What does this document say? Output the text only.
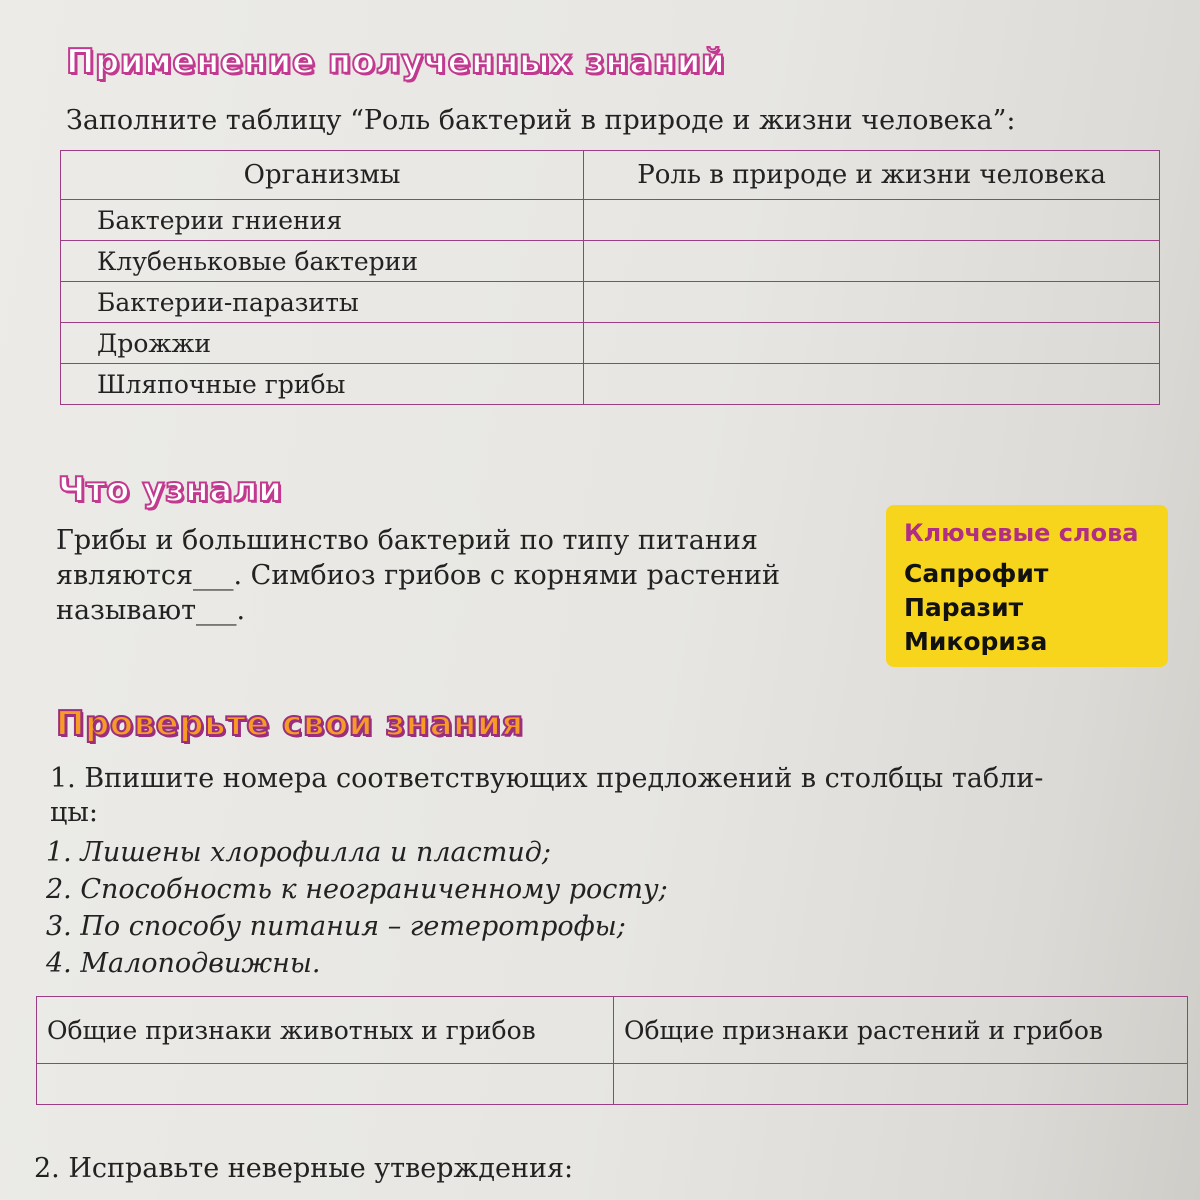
Применение полученных знаний
Заполните таблицу “Роль бактерий в природе и жизни человека”:
Организмы	Роль в природе и жизни человека
Бактерии гниения	
Клубеньковые бактерии	
Бактерии-паразиты	
Дрожжи	
Шляпочные грибы	
Что узнали
Грибы и большинство бактерий по типу питания
являются___. Симбиоз грибов с корнями растений
называют___.
Ключевые слова
Сапрофит
Паразит
Микориза
Проверьте свои знания
1. Впишите номера соответствующих предложений в столбцы табли-
цы:
1. Лишены хлорофилла и пластид;
2. Способность к неограниченному росту;
3. По способу питания – гетеротрофы;
4. Малоподвижны.
Общие признаки животных и грибов	Общие признаки растений и грибов

2. Исправьте неверные утверждения:
